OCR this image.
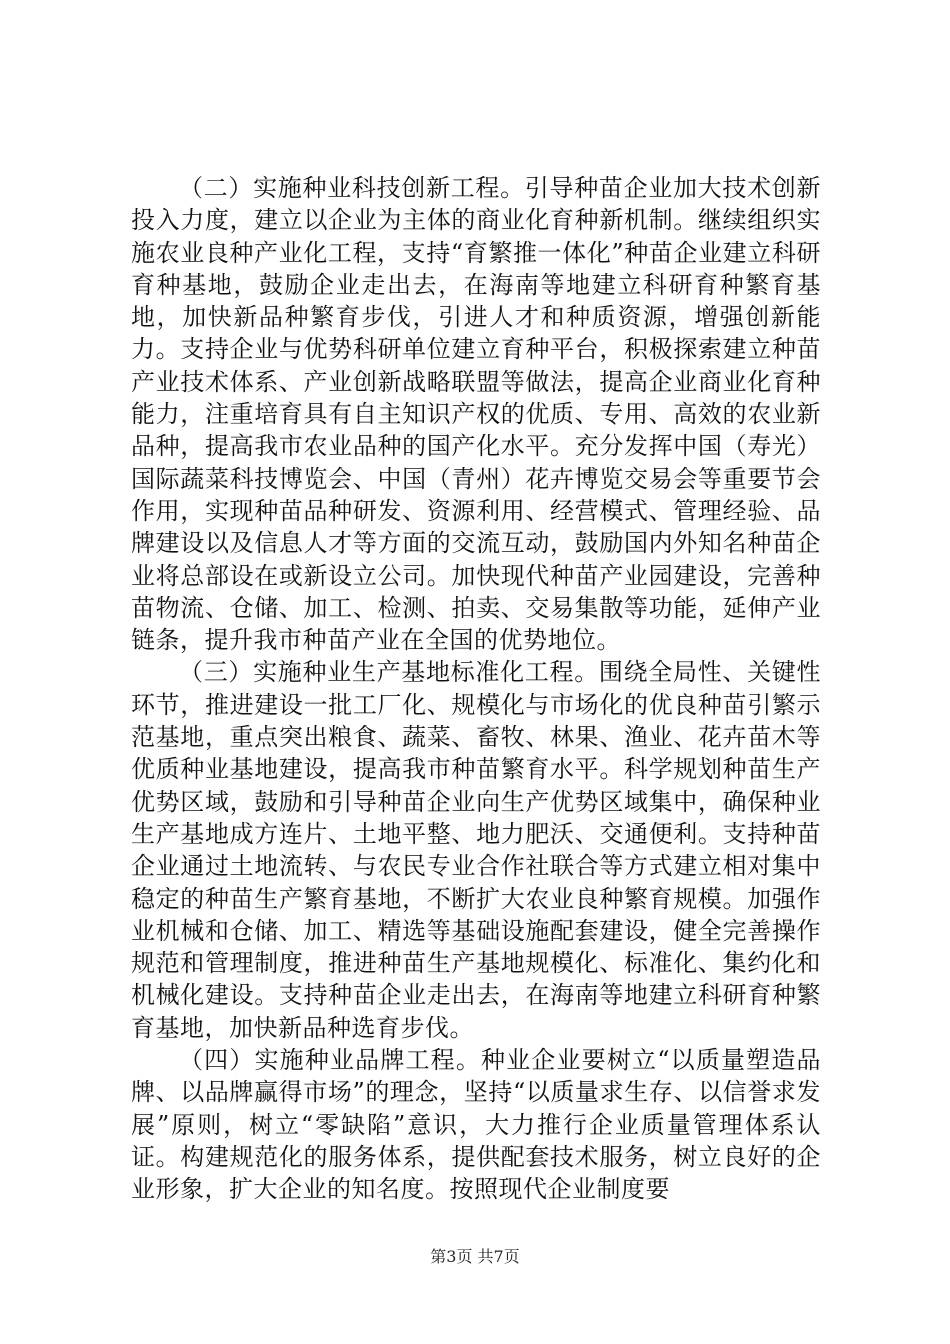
（二）实施种业科技创新工程。引导种苗企业加大技术创新投入力度，建立以企业为主体的商业化育种新机制。继续组织实施农业良种产业化工程，支持“育繁推一体化”种苗企业建立科研育种基地，鼓励企业走出去，在海南等地建立科研育种繁育基地，加快新品种繁育步伐，引进人才和种质资源，增强创新能力。支持企业与优势科研单位建立育种平台，积极探索建立种苗产业技术体系、产业创新战略联盟等做法，提高企业商业化育种能力，注重培育具有自主知识产权的优质、专用、高效的农业新品种，提高我市农业品种的国产化水平。充分发挥中国（寿光）国际蔬菜科技博览会、中国（青州）花卉博览交易会等重要节会作用，实现种苗品种研发、资源利用、经营模式、管理经验、品牌建设以及信息人才等方面的交流互动，鼓励国内外知名种苗企业将总部设在或新设立公司。加快现代种苗产业园建设，完善种苗物流、仓储、加工、检测、拍卖、交易集散等功能，延伸产业链条，提升我市种苗产业在全国的优势地位。

（三）实施种业生产基地标准化工程。围绕全局性、关键性环节，推进建设一批工厂化、规模化与市场化的优良种苗引繁示范基地，重点突出粮食、蔬菜、畜牧、林果、渔业、花卉苗木等优质种业基地建设，提高我市种苗繁育水平。科学规划种苗生产优势区域，鼓励和引导种苗企业向生产优势区域集中，确保种业生产基地成方连片、土地平整、地力肥沃、交通便利。支持种苗企业通过土地流转、与农民专业合作社联合等方式建立相对集中稳定的种苗生产繁育基地，不断扩大农业良种繁育规模。加强作业机械和仓储、加工、精选等基础设施配套建设，健全完善操作规范和管理制度，推进种苗生产基地规模化、标准化、集约化和机械化建设。支持种苗企业走出去，在海南等地建立科研育种繁育基地，加快新品种选育步伐。

（四）实施种业品牌工程。种业企业要树立“以质量塑造品牌、以品牌赢得市场”的理念，坚持“以质量求生存、以信誉求发展”原则，树立“零缺陷”意识，大力推行企业质量管理体系认证。构建规范化的服务体系，提供配套技术服务，树立良好的企业形象，扩大企业的知名度。按照现代企业制度要

第3页 共7页
